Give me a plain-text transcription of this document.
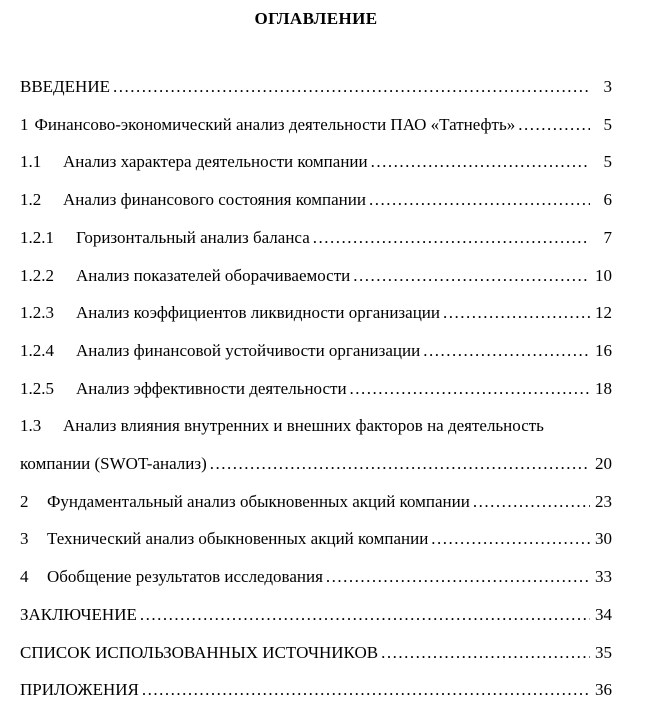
ОГЛАВЛЕНИЕ
ВВЕДЕНИЕ .....	3
1 Финансово-экономический анализ деятельности ПАО «Татнефть» .....	5
1.1	Анализ характера деятельности компании .....	5
1.2	Анализ финансового состояния компании .....	6
1.2.1	Горизонтальный анализ баланса .....	7
1.2.2	Анализ показателей оборачиваемости .....	10
1.2.3	Анализ коэффициентов ликвидности организации .....	12
1.2.4	Анализ финансовой устойчивости организации .....	16
1.2.5	Анализ эффективности деятельности .....	18
1.3	Анализ влияния внутренних и внешних факторов на деятельность
компании (SWOT-анализ) .....	20
2	Фундаментальный анализ обыкновенных акций компании .....	23
3	Технический анализ обыкновенных акций компании .....	30
4	Обобщение результатов исследования .....	33
ЗАКЛЮЧЕНИЕ .....	34
СПИСОК ИСПОЛЬЗОВАННЫХ ИСТОЧНИКОВ .....	35
ПРИЛОЖЕНИЯ .....	36
